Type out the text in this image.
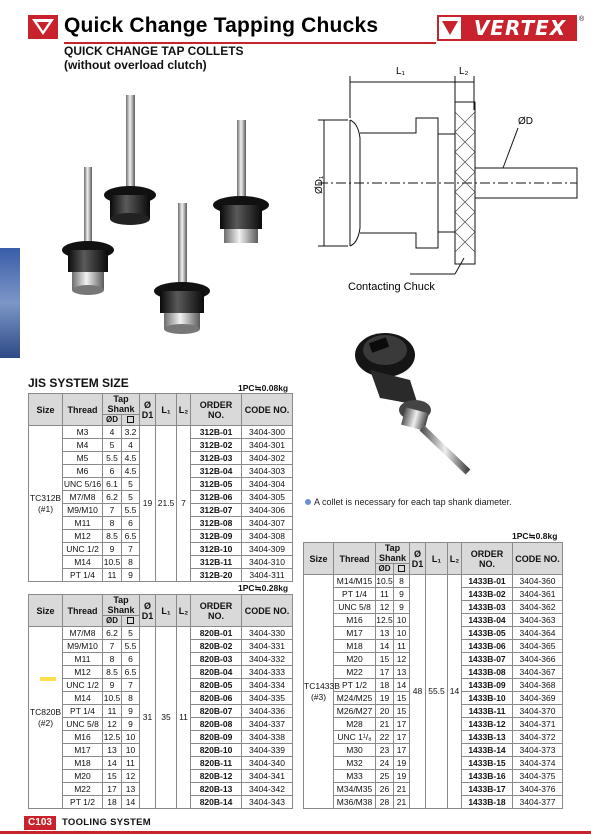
Quick Change Tapping Chucks
QUICK CHANGE TAP COLLETS
(without overload clutch)
VERTEX	®
L₁	L₂
ØD
ØD₁
Contacting Chuck
A collet is necessary for each tap shank diameter.
JIS SYSTEM SIZE	1PC≒0.08kg
Size	Thread	Tap Shank		Ø D1	L₁	L₂	ORDER NO.	CODE NO.
		ØD						
TC312B (#1)	M3	4	3.2	19	21.5	7	312B-01	3404-300
	M4	5	4				312B-02	3404-301
	M5	5.5	4.5				312B-03	3404-302
	M6	6	4.5				312B-04	3404-303
	UNC 5/16	6.1	5				312B-05	3404-304
	M7/M8	6.2	5				312B-06	3404-305
	M9/M10	7	5.5				312B-07	3404-306
	M11	8	6				312B-08	3404-307
	M12	8.5	6.5				312B-09	3404-308
	UNC 1/2	9	7				312B-10	3404-309
	M14	10.5	8				312B-11	3404-310
	PT 1/4	11	9				312B-20	3404-311
1PC≒0.28kg
Size	Thread	Tap Shank		Ø D1	L₁	L₂	ORDER NO.	CODE NO.
		ØD						
TC820B (#2)	M7/M8	6.2	5	31	35	11	820B-01	3404-330
	M9/M10	7	5.5				820B-02	3404-331
	M11	8	6				820B-03	3404-332
	M12	8.5	6.5				820B-04	3404-333
	UNC 1/2	9	7				820B-05	3404-334
	M14	10.5	8				820B-06	3404-335
	PT 1/4	11	9				820B-07	3404-336
	UNC 5/8	12	9				820B-08	3404-337
	M16	12.5	10				820B-09	3404-338
	M17	13	10				820B-10	3404-339
	M18	14	11				820B-11	3404-340
	M20	15	12				820B-12	3404-341
	M22	17	13				820B-13	3404-342
	PT 1/2	18	14				820B-14	3404-343
1PC≒0.8kg
Size	Thread	Tap Shank		Ø D1	L₁	L₂	ORDER NO.	CODE NO.
		ØD						
TC1433B (#3)	M14/M15	10.5	8	48	55.5	14	1433B-01	3404-360
	PT 1/4	11	9				1433B-02	3404-361
	UNC 5/8	12	9				1433B-03	3404-362
	M16	12.5	10				1433B-04	3404-363
	M17	13	10				1433B-05	3404-364
	M18	14	11				1433B-06	3404-365
	M20	15	12				1433B-07	3404-366
	M22	17	13				1433B-08	3404-367
	PT 1/2	18	14				1433B-09	3404-368
	M24/M25	19	15				1433B-10	3404-369
	M26/M27	20	15				1433B-11	3404-370
	M28	21	17				1433B-12	3404-371
	UNC 1¹/₈	22	17				1433B-13	3404-372
	M30	23	17				1433B-14	3404-373
	M32	24	19				1433B-15	3404-374
	M33	25	19				1433B-16	3404-375
	M34/M35	26	21				1433B-17	3404-376
	M36/M38	28	21				1433B-18	3404-377
C103	TOOLING SYSTEM
